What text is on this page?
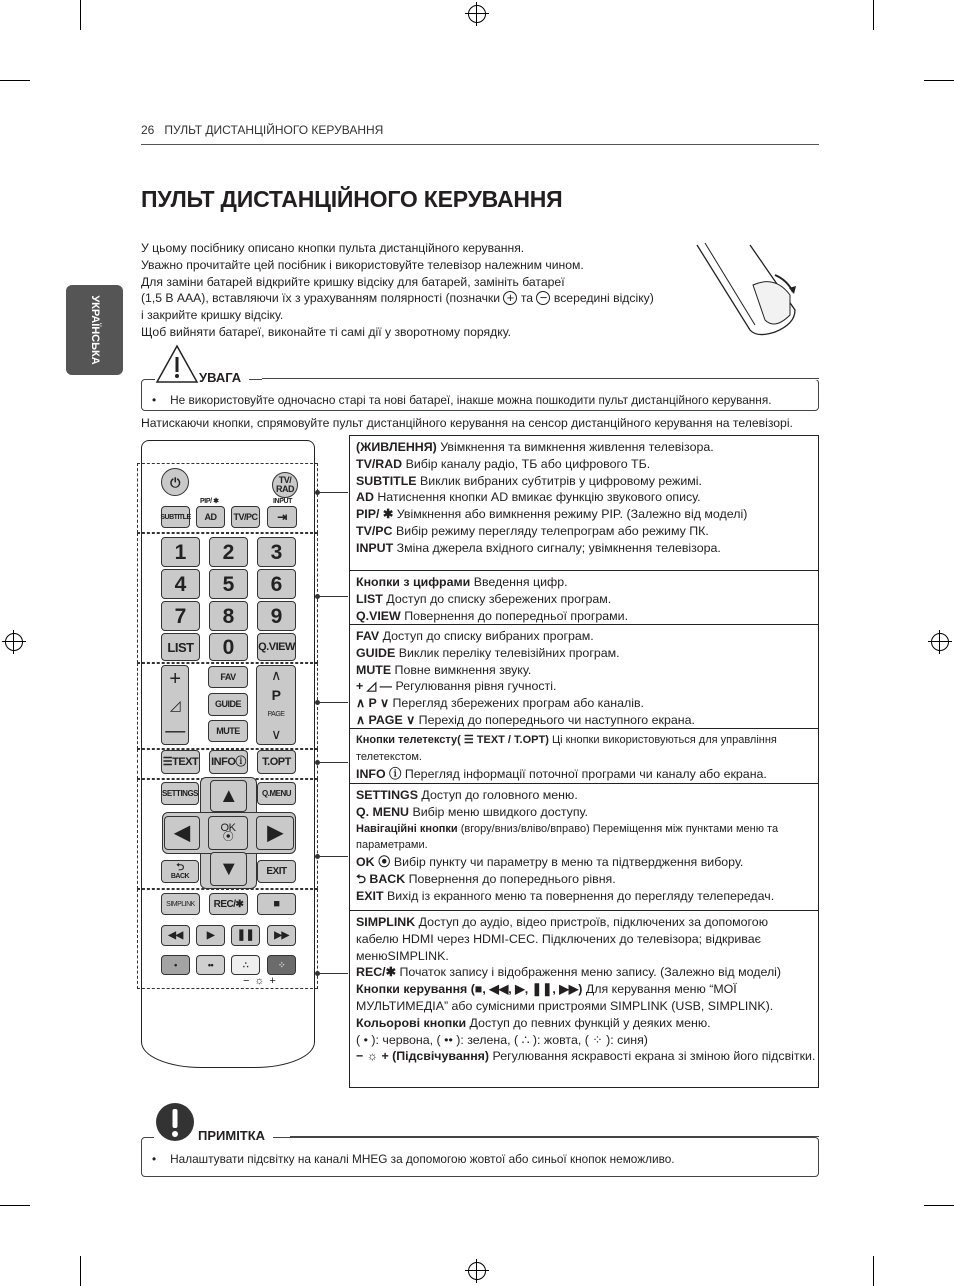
26 ПУЛЬТ ДИСТАНЦІЙНОГО КЕРУВАННЯ
ПУЛЬТ ДИСТАНЦІЙНОГО КЕРУВАННЯ
УКРАЇНСЬКА

У цьому посібнику описано кнопки пульта дистанційного керування.

Уважно прочитайте цей посібник і використовуйте телевізор належним чином.

Для заміни батарей відкрийте кришку відсіку для батарей, замініть батареї

(1,5 В AAA), вставляючи їх з урахуванням полярності (позначки + та − всередині відсіку)

і закрийте кришку відсіку.

Щоб вийняти батареї, виконайте ті самі дії у зворотному порядку.

УВАГА
• Не використовуйте одночасно старі та нові батареї, інакше можна пошкодити пульт дистанційного керування.
Натискаючи кнопки, спрямовуйте пульт дистанційного керування на сенсор дистанційного керування на телевізорі.
⏻	TV/
RAD
PIP/ ✱	INPUT
SUBTITLE	AD	TV/PC ⇥
1	2	3
4	5	6
7	8	9
LIST	0	Q.VIEW
+
◿
—
FAV
GUIDE
MUTE
∧
P
PAGE
∨
☰ TEXT INFO ⓘ	T.OPT
SETTINGS	Q.MENU
▲
◀	OK
⦿ ▶
▼
⮌
BACK	EXIT
SIMPLINK	REC/✱	■
◀◀ ▶ ❚❚ ▶▶
•	••	∴	⁘
−  ☼  +

(ЖИВЛЕННЯ) Увімкнення та вимкнення живлення телевізора.

TV/RAD Вибір каналу радіо, ТБ або цифрового ТБ.

SUBTITLE Виклик вибраних субтитрів у цифровому режимі.

AD Натиснення кнопки AD вмикає функцію звукового опису.

PIP/ ✱ Увімкнення або вимкнення режиму PIP. (Залежно від моделі)

TV/PC Вибір режиму перегляду телепрограм або режиму ПК.

INPUT Зміна джерела вхідного сигналу; увімкнення телевізора.

Кнопки з цифрами Введення цифр.

LIST Доступ до списку збережених програм.

Q.VIEW Повернення до попередньої програми.

FAV Доступ до списку вибраних програм.

GUIDE Виклик переліку телевізійних програм.

MUTE Повне вимкнення звуку.

+ ◿ — Регулювання рівня гучності.

∧ P ∨ Перегляд збережених програм або каналів.

∧ PAGE ∨ Перехід до попереднього чи наступного екрана.

Кнопки телетексту( ☰ TEXT / T.OPT) Ці кнопки використовуються для управління телетекстом.

INFO ⓘ Перегляд інформації поточної програми чи каналу або екрана.

SETTINGS Доступ до головного меню.

Q. MENU Вибір меню швидкого доступу.

Навігаційні кнопки (вгору/вниз/вліво/вправо) Переміщення між пунктами меню та параметрами.

OK ⦿ Вибір пункту чи параметру в меню та підтвердження вибору.

⮌ BACK Повернення до попереднього рівня.

EXIT Вихід із екранного меню та повернення до перегляду телепередач.

SIMPLINK Доступ до аудіо, відео пристроїв, підключених за допомогою кабелю HDMI через HDMI-CEC. Підключених до телевізора; відкриває менюSIMPLINK.

REC/✱ Початок запису і відображення меню запису. (Залежно від моделі)

Кнопки керування (■, ◀◀, ▶, ❚❚, ▶▶) Для керування меню “МОЇ МУЛЬТИМЕДІА” або сумісними пристроями SIMPLINK (USB, SIMPLINK).

Кольорові кнопки Доступ до певних функцій у деяких меню.

( • ): червона, ( •• ): зелена, ( ∴ ): жовта, ( ⁘ ): синя)

− ☼ + (Підсвічування) Регулювання яскравості екрана зі зміною його підсвітки.

ПРИМІТКА
• Налаштувати підсвітку на каналі MHEG за допомогою жовтої або синьої кнопок неможливо.
